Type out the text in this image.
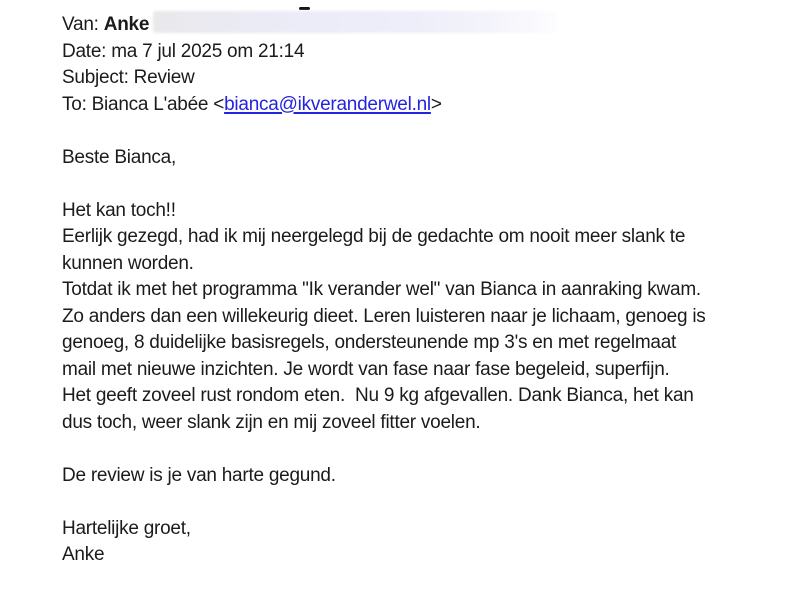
Van: Anke
Date: ma 7 jul 2025 om 21:14
Subject: Review
To: Bianca L'abée <bianca@ikveranderwel.nl>
Beste Bianca,
Het kan toch!!
Eerlijk gezegd, had ik mij neergelegd bij de gedachte om nooit meer slank te
kunnen worden.
Totdat ik met het programma "Ik verander wel" van Bianca in aanraking kwam.
Zo anders dan een willekeurig dieet. Leren luisteren naar je lichaam, genoeg is
genoeg, 8 duidelijke basisregels, ondersteunende mp 3's en met regelmaat
mail met nieuwe inzichten. Je wordt van fase naar fase begeleid, superfijn.
Het geeft zoveel rust rondom eten.  Nu 9 kg afgevallen. Dank Bianca, het kan
dus toch, weer slank zijn en mij zoveel fitter voelen.
De review is je van harte gegund.
Hartelijke groet,
Anke
